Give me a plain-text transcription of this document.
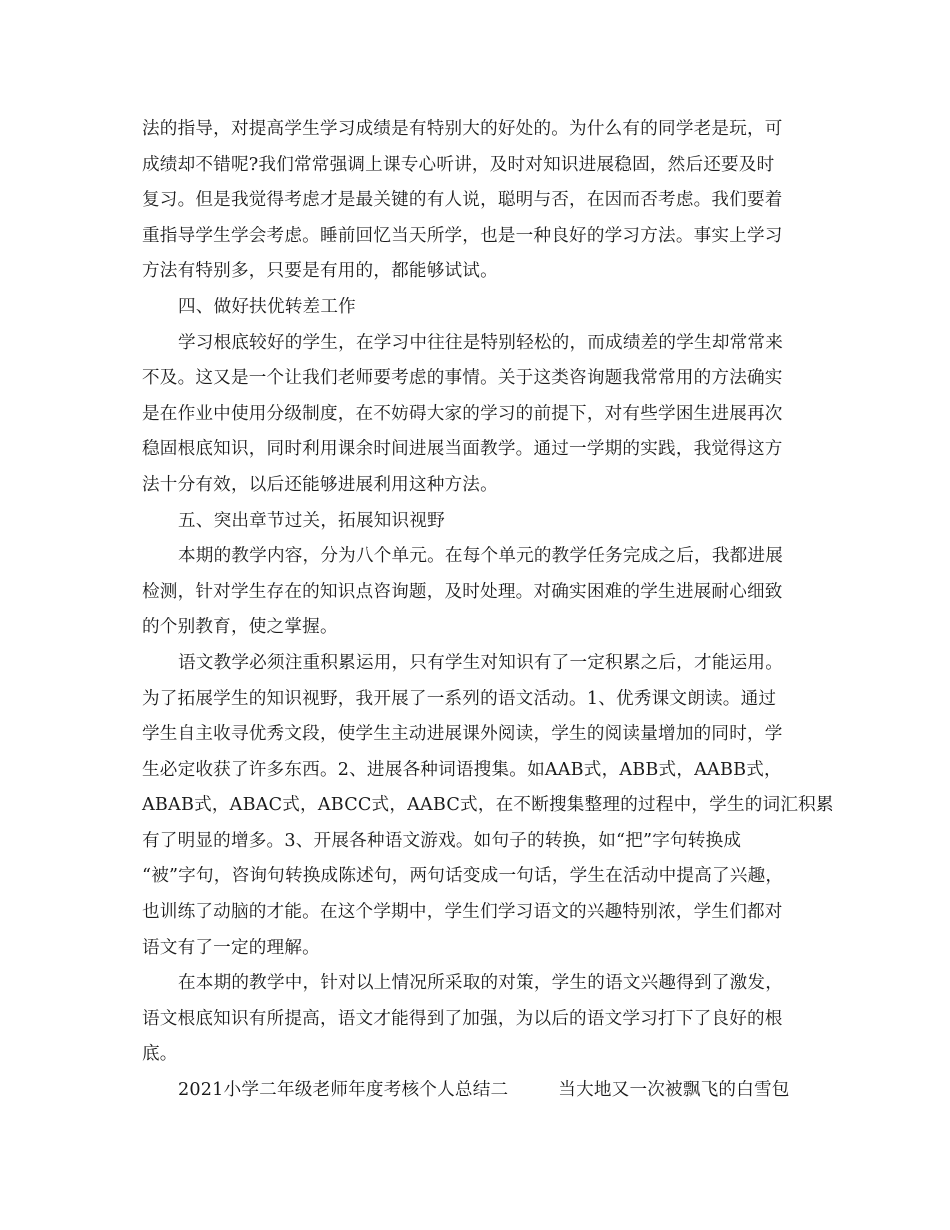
法的指导，对提高学生学习成绩是有特别大的好处的。为什么有的同学老是玩，可

成绩却不错呢?我们常常强调上课专心听讲，及时对知识进展稳固，然后还要及时

复习。但是我觉得考虑才是最关键的有人说，聪明与否，在因而否考虑。我们要着

重指导学生学会考虑。睡前回忆当天所学，也是一种良好的学习方法。事实上学习

方法有特别多，只要是有用的，都能够试试。

四、做好扶优转差工作

学习根底较好的学生，在学习中往往是特别轻松的，而成绩差的学生却常常来

不及。这又是一个让我们老师要考虑的事情。关于这类咨询题我常常用的方法确实

是在作业中使用分级制度，在不妨碍大家的学习的前提下，对有些学困生进展再次

稳固根底知识，同时利用课余时间进展当面教学。通过一学期的实践，我觉得这方

法十分有效，以后还能够进展利用这种方法。

五、突出章节过关，拓展知识视野

本期的教学内容，分为八个单元。在每个单元的教学任务完成之后，我都进展

检测，针对学生存在的知识点咨询题，及时处理。对确实困难的学生进展耐心细致

的个别教育，使之掌握。

语文教学必须注重积累运用，只有学生对知识有了一定积累之后，才能运用。

为了拓展学生的知识视野，我开展了一系列的语文活动。1、优秀课文朗读。通过

学生自主收寻优秀文段，使学生主动进展课外阅读，学生的阅读量增加的同时，学

生必定收获了许多东西。2、进展各种词语搜集。如AAB式，ABB式，AABB式，

ABAB式，ABAC式，ABCC式，AABC式，在不断搜集整理的过程中，学生的词汇积累

有了明显的增多。3、开展各种语文游戏。如句子的转换，如“把”字句转换成

“被”字句，咨询句转换成陈述句，两句话变成一句话，学生在活动中提高了兴趣，

也训练了动脑的才能。在这个学期中，学生们学习语文的兴趣特别浓，学生们都对

语文有了一定的理解。

在本期的教学中，针对以上情况所采取的对策，学生的语文兴趣得到了激发，

语文根底知识有所提高，语文才能得到了加强，为以后的语文学习打下了良好的根

底。

2021小学二年级老师年度考核个人总结二	当大地又一次被飘飞的白雪包
